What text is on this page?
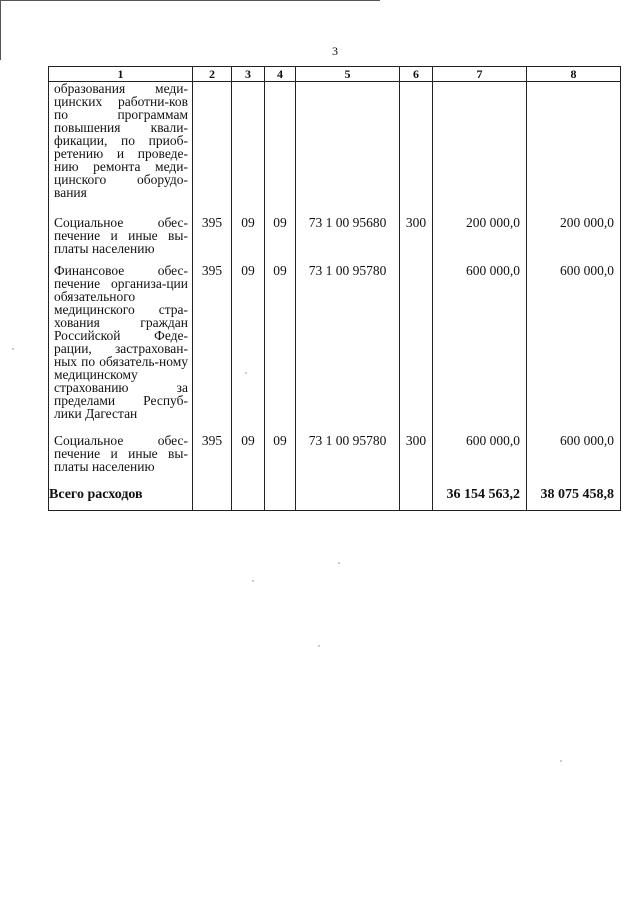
3
1	2	3	4	5	6	7	8
образования меди-цинских работни-ков по программам повышения квали-фикации, по приоб-ретению и проведе-нию ремонта меди-цинского оборудо-вания							
Социальное обес-печение и иные вы-платы населению	395	09	09	73 1 00 95680	300	200 000,0	200 000,0
Финансовое обес-печение организа-ции обязательного медицинского стра-хования граждан Российской Феде-рации, застрахован-ных по обязатель-ному медицинскому страхованию за пределами Респуб-лики Дагестан	395	09	09	73 1 00 95780		600 000,0	600 000,0
Социальное обес-печение и иные вы-платы населению	395	09	09	73 1 00 95780	300	600 000,0	600 000,0
Всего расходов						36 154 563,2	38 075 458,8
